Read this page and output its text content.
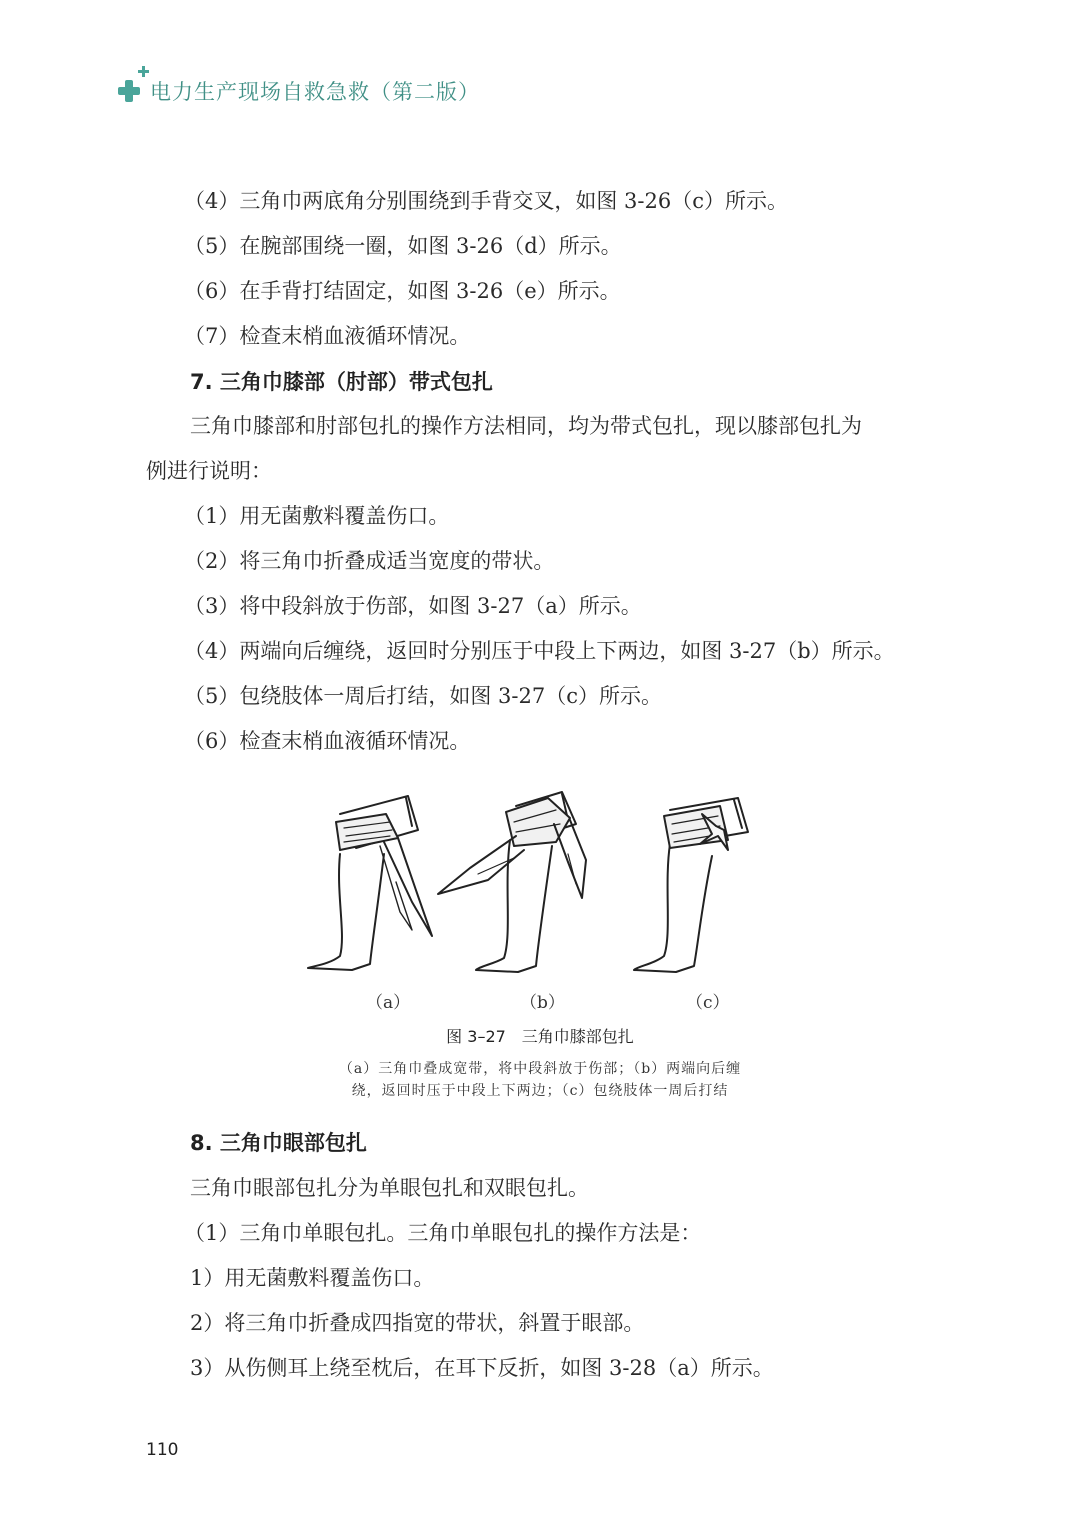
电力生产现场自救急救（第二版）
（4）三角巾两底角分别围绕到手背交叉，如图 3-26（c）所示。
（5）在腕部围绕一圈，如图 3-26（d）所示。
（6）在手背打结固定，如图 3-26（e）所示。
（7）检查末梢血液循环情况。
7. 三角巾膝部（肘部）带式包扎
三角巾膝部和肘部包扎的操作方法相同，均为带式包扎，现以膝部包扎为
例进行说明：
（1）用无菌敷料覆盖伤口。
（2）将三角巾折叠成适当宽度的带状。
（3）将中段斜放于伤部，如图 3-27（a）所示。
（4）两端向后缠绕，返回时分别压于中段上下两边，如图 3-27（b）所示。
（5）包绕肢体一周后打结，如图 3-27（c）所示。
（6）检查末梢血液循环情况。
（a）	（b）	（c）
图 3–27　三角巾膝部包扎
（a）三角巾叠成宽带，将中段斜放于伤部；（b）两端向后缠
绕，返回时压于中段上下两边；（c）包绕肢体一周后打结
8. 三角巾眼部包扎
三角巾眼部包扎分为单眼包扎和双眼包扎。
（1）三角巾单眼包扎。三角巾单眼包扎的操作方法是：
1）用无菌敷料覆盖伤口。
2）将三角巾折叠成四指宽的带状，斜置于眼部。
3）从伤侧耳上绕至枕后，在耳下反折，如图 3-28（a）所示。
110
